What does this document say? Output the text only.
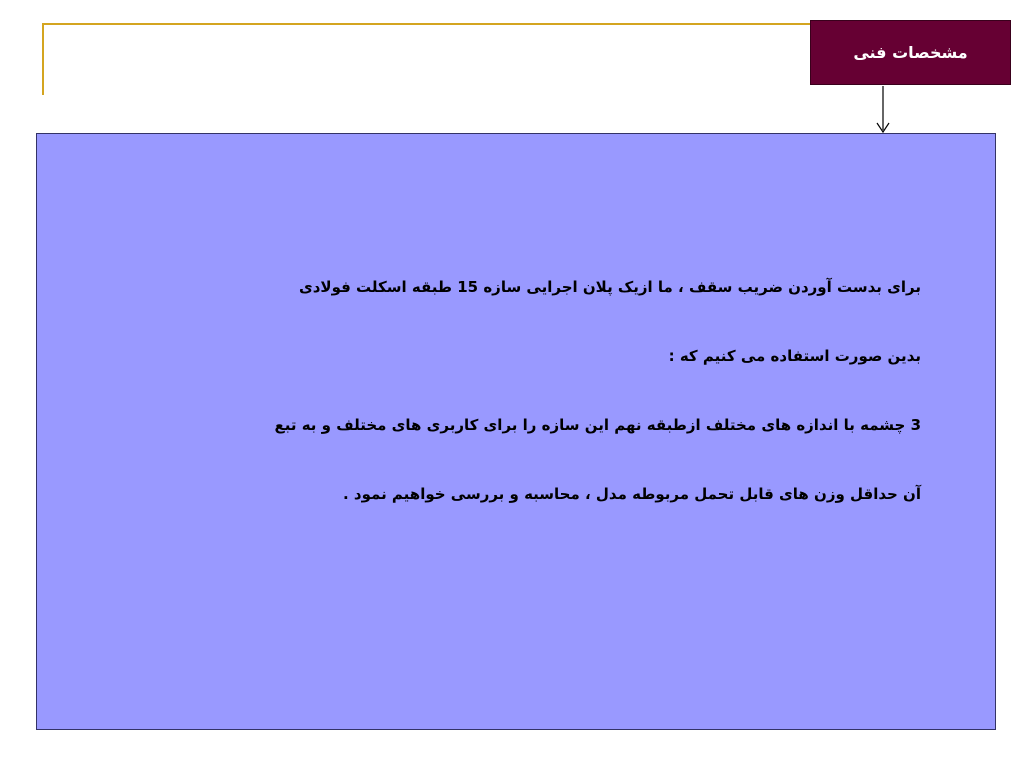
مشخصات فنی
برای بدست آوردن ضریب سقف ، ما ازیک پلان اجرایی سازه 15 طبقه اسکلت فولادی
بدین صورت استفاده می کنیم که :
3 چشمه با اندازه های مختلف ازطبقه نهم این سازه را برای کاربری های مختلف و به تبع
آن حداقل وزن های قابل تحمل مربوطه مدل ، محاسبه و بررسی خواهیم نمود .
